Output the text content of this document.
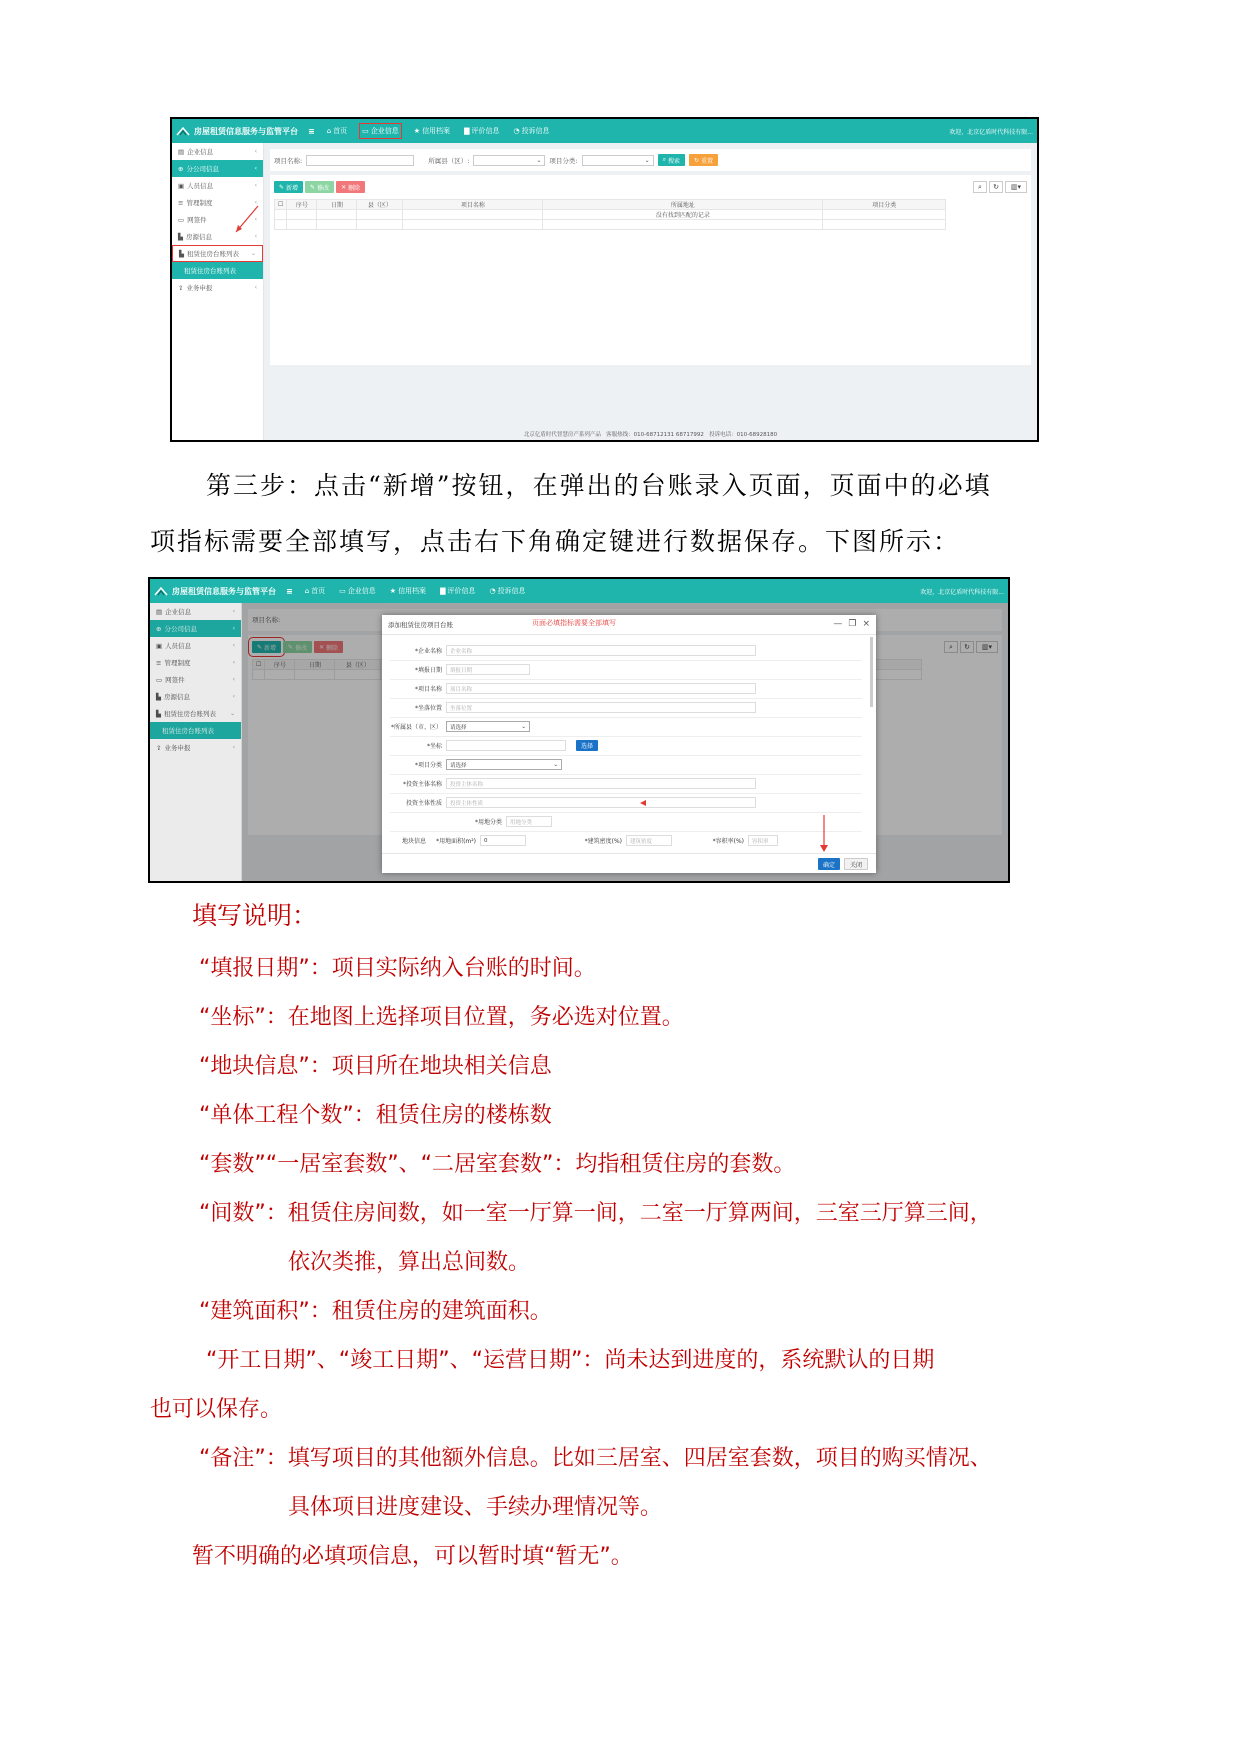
房屋租赁信息服务与监管平台 ≡ ⌂ 首页 ▭ 企业信息 ★ 信用档案 ▇ 评价信息 ◔ 投诉信息	欢迎，北京亿盾时代科技有限...
▤ 企业信息	‹
⊕ 分公司信息	‹
▣ 人员信息	‹
≡ 管理制度	‹
▭ 网签件	‹
▙ 房源信息	‹
▙ 租赁住房台账列表 ⌄
租赁住房台账列表
⇪ 业务申报	‹
项目名称:	所属县（区）:	⌄ 项目分类:	⌄ ⌕ 搜索 ↻ 重置
✎ 新增 ✎ 修改 ✕ 删除	⌕	↻	▥▾
☐	序号	日期	县（区）	项目名称	所属地址	项目分类
					没有找到匹配的记录	

北京亿盾时代智慧房产系列产品 客服热线：010-68712131 68717992 投诉电话：010-68928180
第三步：点击“新增”按钮，在弹出的台账录入页面，页面中的必填
项指标需要全部填写，点击右下角确定键进行数据保存。下图所示：
房屋租赁信息服务与监管平台 ≡ ⌂ 首页 ▭ 企业信息 ★ 信用档案 ▇ 评价信息 ◔ 投诉信息	欢迎，北京亿盾时代科技有限...
▤ 企业信息	‹
⊕ 分公司信息	‹
▣ 人员信息	‹
≡ 管理制度	‹
▭ 网签件	‹
▙ 房源信息	‹
▙ 租赁住房台账列表 ⌄
租赁住房台账列表
⇪ 业务申报	‹
项目名称:
✎ 新增 ✎ 修改 ✕ 删除	⌕	↻	▥▾
☐	序号	日期	县（区）		

添加租赁住房项目台账	页面必填指标需要全部填写	— ❐ ×
*企业名称	企业名称
*填报日期	填报日期
*项目名称	项目名称
*坐落位置	坐落位置
*所属县（市、区）	请选择	⌄
*坐标	选择
*项目分类	请选择	⌄
*投资主体名称	投资主体名称
投资主体性质	投资主体性质
*用地分类	用地分类
地块信息	*用地面积(m²)	0	*建筑密度(%)	建筑密度	*容积率(%)	容积率
确定	关闭
填写说明：
“填报日期”：项目实际纳入台账的时间。
“坐标”：在地图上选择项目位置，务必选对位置。
“地块信息”：项目所在地块相关信息
“单体工程个数”：租赁住房的楼栋数
“套数”“一居室套数”、“二居室套数”：均指租赁住房的套数。
“间数”：租赁住房间数，如一室一厅算一间，二室一厅算两间，三室三厅算三间，
依次类推，算出总间数。
“建筑面积”：租赁住房的建筑面积。
“开工日期”、“竣工日期”、“运营日期”：尚未达到进度的，系统默认的日期
也可以保存。
“备注”：填写项目的其他额外信息。比如三居室、四居室套数，项目的购买情况、
具体项目进度建设、手续办理情况等。
暂不明确的必填项信息，可以暂时填“暂无”。
